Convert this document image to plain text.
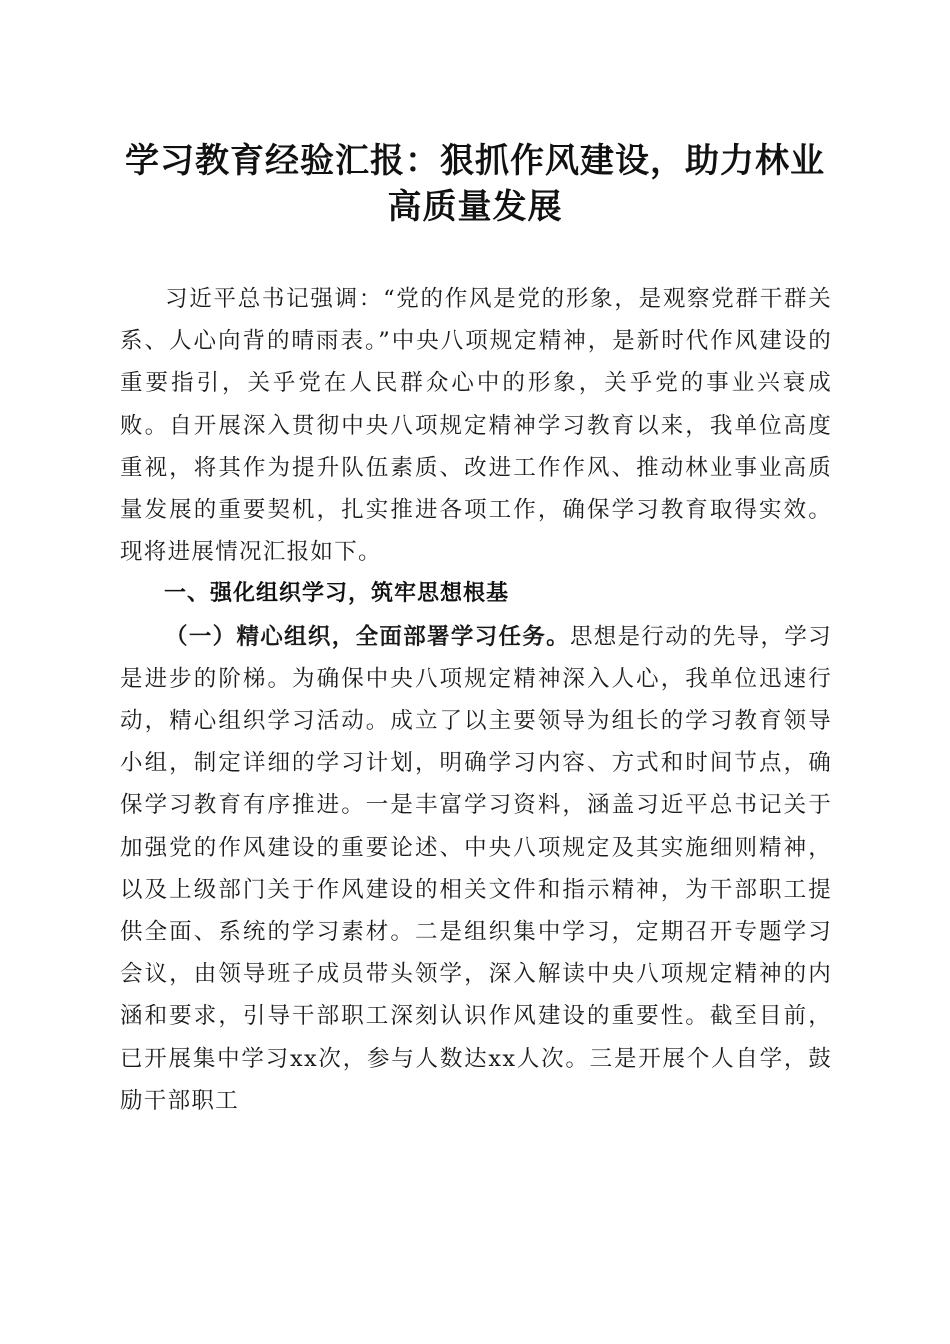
学习教育经验汇报：狠抓作风建设，助力林业
高质量发展

习近平总书记强调：“党的作风是党的形象，是观察党群干群关系、人心向背的晴雨表。”中央八项规定精神，是新时代作风建设的重要指引，关乎党在人民群众心中的形象，关乎党的事业兴衰成败。自开展深入贯彻中央八项规定精神学习教育以来，我单位高度重视，将其作为提升队伍素质、改进工作作风、推动林业事业高质量发展的重要契机，扎实推进各项工作，确保学习教育取得实效。现将进展情况汇报如下。

一、强化组织学习，筑牢思想根基

（一）精心组织，全面部署学习任务。思想是行动的先导，学习是进步的阶梯。为确保中央八项规定精神深入人心，我单位迅速行动，精心组织学习活动。成立了以主要领导为组长的学习教育领导小组，制定详细的学习计划，明确学习内容、方式和时间节点，确保学习教育有序推进。一是丰富学习资料，涵盖习近平总书记关于加强党的作风建设的重要论述、中央八项规定及其实施细则精神，以及上级部门关于作风建设的相关文件和指示精神，为干部职工提供全面、系统的学习素材。二是组织集中学习，定期召开专题学习会议，由领导班子成员带头领学，深入解读中央八项规定精神的内涵和要求，引导干部职工深刻认识作风建设的重要性。截至目前，已开展集中学习xx次，参与人数达xx人次。三是开展个人自学，鼓励干部职工
